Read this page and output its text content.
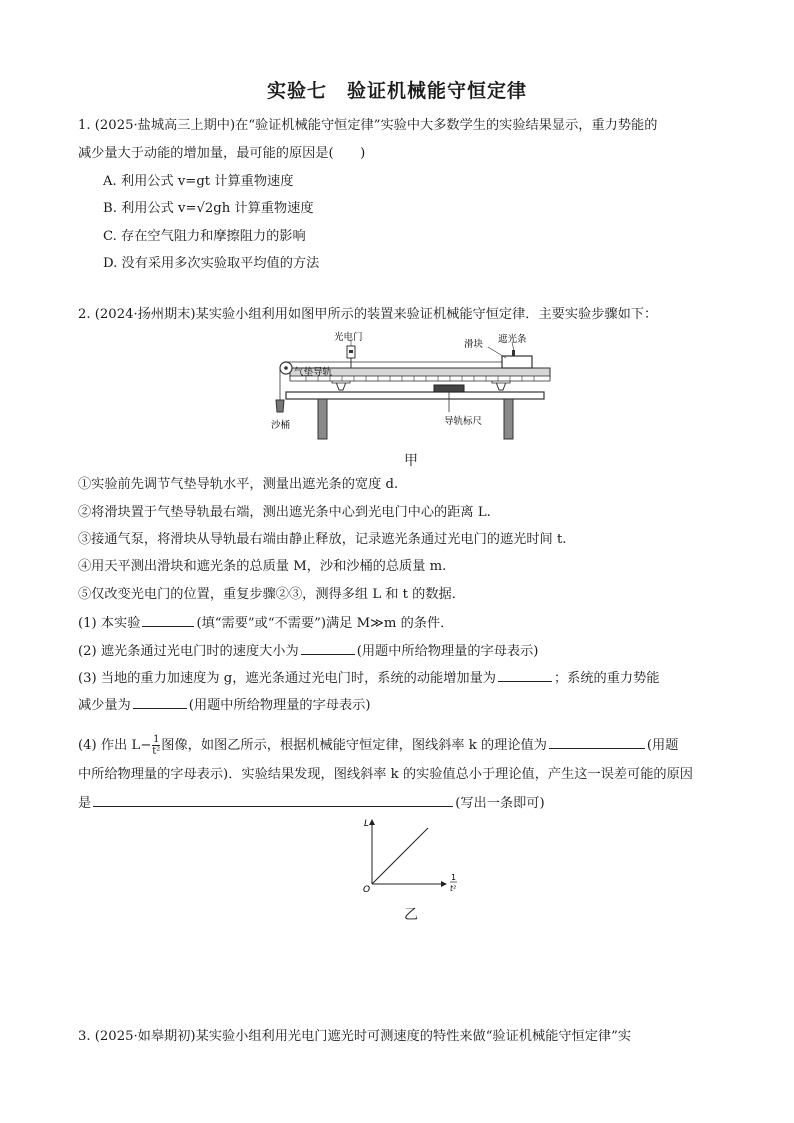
实验七　验证机械能守恒定律
1. (2025·盐城高三上期中)在“验证机械能守恒定律”实验中大多数学生的实验结果显示，重力势能的
减少量大于动能的增加量，最可能的原因是(　　)
A. 利用公式 v=gt 计算重物速度
B. 利用公式 v=√2gh 计算重物速度
C. 存在空气阻力和摩擦阻力的影响
D. 没有采用多次实验取平均值的方法
2. (2024·扬州期末)某实验小组利用如图甲所示的装置来验证机械能守恒定律．主要实验步骤如下：
光电门
滑块 遮光条
气垫导轨
沙桶	导轨标尺
甲
①实验前先调节气垫导轨水平，测量出遮光条的宽度 d.
②将滑块置于气垫导轨最右端，测出遮光条中心到光电门中心的距离 L.
③接通气泵，将滑块从导轨最右端由静止释放，记录遮光条通过光电门的遮光时间 t.
④用天平测出滑块和遮光条的总质量 M，沙和沙桶的总质量 m.
⑤仅改变光电门的位置，重复步骤②③，测得多组 L 和 t 的数据．
(1) 本实验	(填“需要”或“不需要”)满足 M≫m 的条件．
(2) 遮光条通过光电门时的速度大小为	(用题中所给物理量的字母表示)
(3) 当地的重力加速度为 g，遮光条通过光电门时，系统的动能增加量为	；系统的重力势能
减少量为	(用题中所给物理量的字母表示)
(4) 作出 $L- \frac{1}{\text{t²}}$ 图像，如图乙所示，根据机械能守恒定律，图线斜率 k 的理论值为	(用题
中所给物理量的字母表示)．实验结果发现，图线斜率 k 的实验值总小于理论值，产生这一误差可能的原因
是	(写出一条即可)
L
O
1
t²
乙
3. (2025·如皋期初)某实验小组利用光电门遮光时可测速度的特性来做“验证机械能守恒定律”实
